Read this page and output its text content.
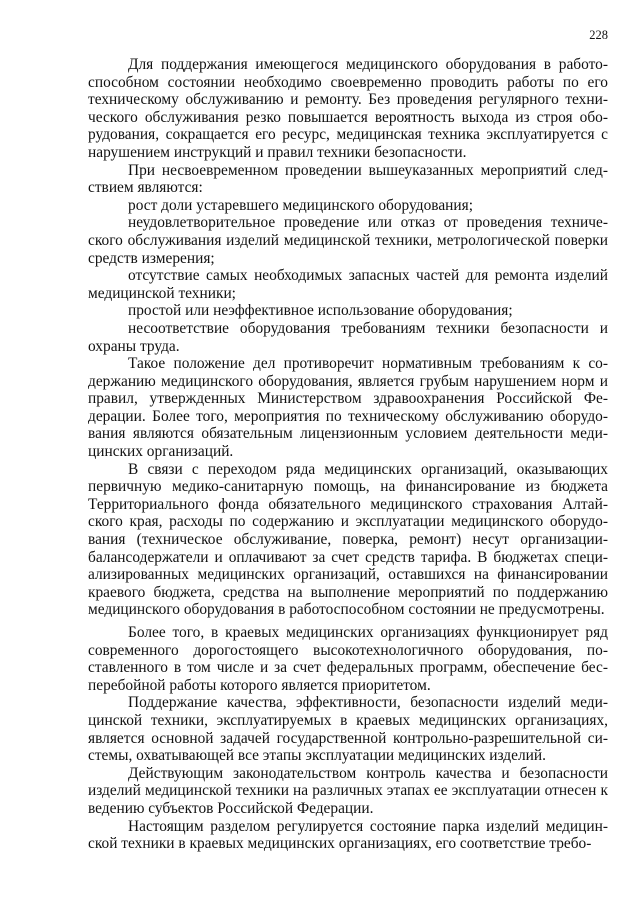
228

Для поддержания имеющегося медицинского оборудования в работоспособном состоянии необходимо своевременно проводить работы по его техническому обслуживанию и ремонту. Без проведения регулярного технического обслуживания резко повышается вероятность выхода из строя оборудования, сокращается его ресурс, медицинская техника эксплуатируется с нарушением инструкций и правил техники безопасности.

При несвоевременном проведении вышеуказанных мероприятий следствием являются:

рост доли устаревшего медицинского оборудования;

неудовлетворительное проведение или отказ от проведения технического обслуживания изделий медицинской техники, метрологической поверки средств измерения;

отсутствие самых необходимых запасных частей для ремонта изделий медицинской техники;

простой или неэффективное использование оборудования;

несоответствие оборудования требованиям техники безопасности и охраны труда.

Такое положение дел противоречит нормативным требованиям к содержанию медицинского оборудования, является грубым нарушением норм и правил, утвержденных Министерством здравоохранения Российской Федерации. Более того, мероприятия по техническому обслуживанию оборудования являются обязательным лицензионным условием деятельности медицинских организаций.

В связи с переходом ряда медицинских организаций, оказывающих первичную медико-санитарную помощь, на финансирование из бюджета Территориального фонда обязательного медицинского страхования Алтайского края, расходы по содержанию и эксплуатации медицинского оборудования (техническое обслуживание, поверка, ремонт) несут организации-балансодержатели и оплачивают за счет средств тарифа. В бюджетах специализированных медицинских организаций, оставшихся на финансировании краевого бюджета, средства на выполнение мероприятий по поддержанию медицинского оборудования в работоспособном состоянии не предусмотрены.

Более того, в краевых медицинских организациях функционирует ряд современного дорогостоящего высокотехнологичного оборудования, поставленного в том числе и за счет федеральных программ, обеспечение бесперебойной работы которого является приоритетом.

Поддержание качества, эффективности, безопасности изделий медицинской техники, эксплуатируемых в краевых медицинских организациях, является основной задачей государственной контрольно-разрешительной системы, охватывающей все этапы эксплуатации медицинских изделий.

Действующим законодательством контроль качества и безопасности изделий медицинской техники на различных этапах ее эксплуатации отнесен к ведению субъектов Российской Федерации.

Настоящим разделом регулируется состояние парка изделий медицинской техники в краевых медицинских организациях, его соответствие требо-
